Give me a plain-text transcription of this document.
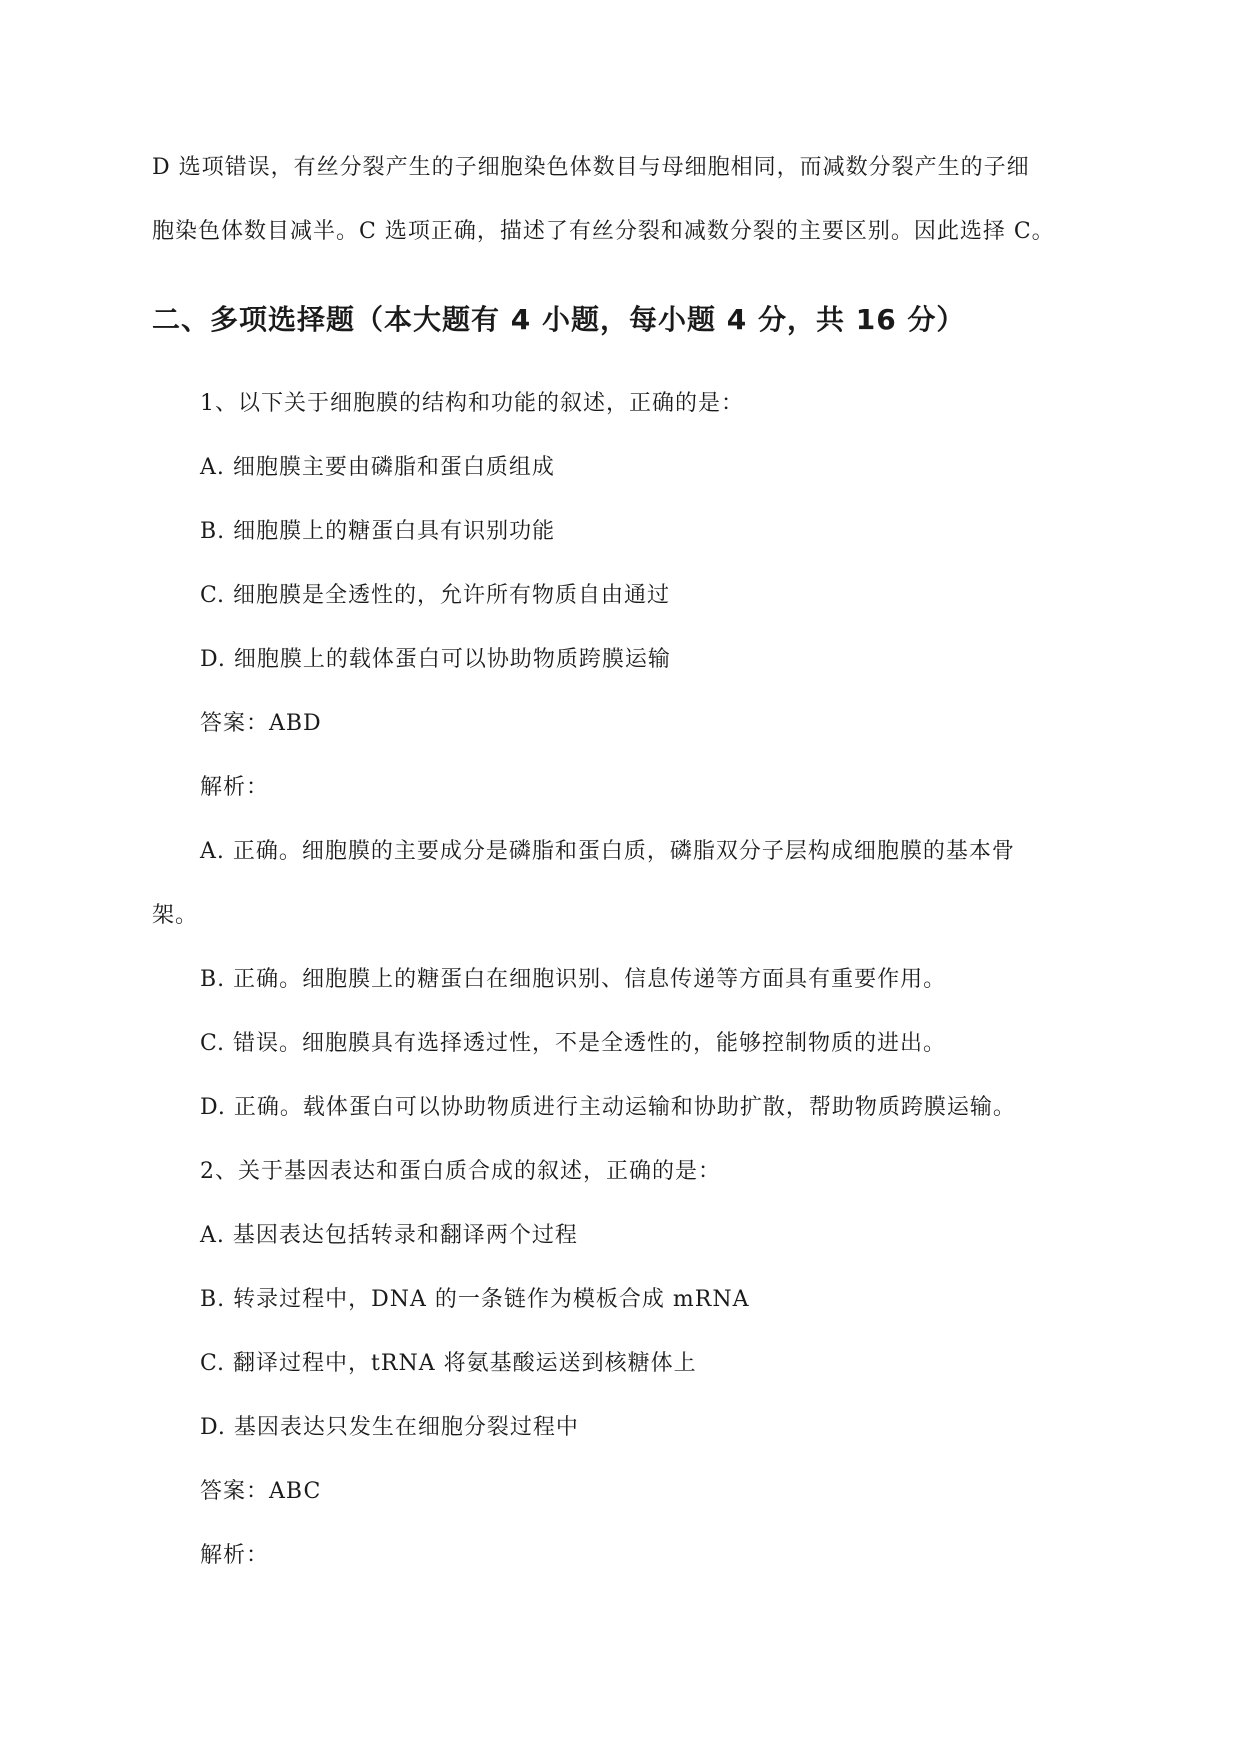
D 选项错误，有丝分裂产生的子细胞染色体数目与母细胞相同，而减数分裂产生的子细
胞染色体数目减半。C 选项正确，描述了有丝分裂和减数分裂的主要区别。因此选择 C。
二、多项选择题（本大题有 4 小题，每小题 4 分，共 16 分）
1、以下关于细胞膜的结构和功能的叙述，正确的是：
A. 细胞膜主要由磷脂和蛋白质组成
B. 细胞膜上的糖蛋白具有识别功能
C. 细胞膜是全透性的，允许所有物质自由通过
D. 细胞膜上的载体蛋白可以协助物质跨膜运输
答案：ABD
解析：
A. 正确。细胞膜的主要成分是磷脂和蛋白质，磷脂双分子层构成细胞膜的基本骨
架。
B. 正确。细胞膜上的糖蛋白在细胞识别、信息传递等方面具有重要作用。
C. 错误。细胞膜具有选择透过性，不是全透性的，能够控制物质的进出。
D. 正确。载体蛋白可以协助物质进行主动运输和协助扩散，帮助物质跨膜运输。
2、关于基因表达和蛋白质合成的叙述，正确的是：
A. 基因表达包括转录和翻译两个过程
B. 转录过程中，DNA 的一条链作为模板合成 mRNA
C. 翻译过程中，tRNA 将氨基酸运送到核糖体上
D. 基因表达只发生在细胞分裂过程中
答案：ABC
解析：
